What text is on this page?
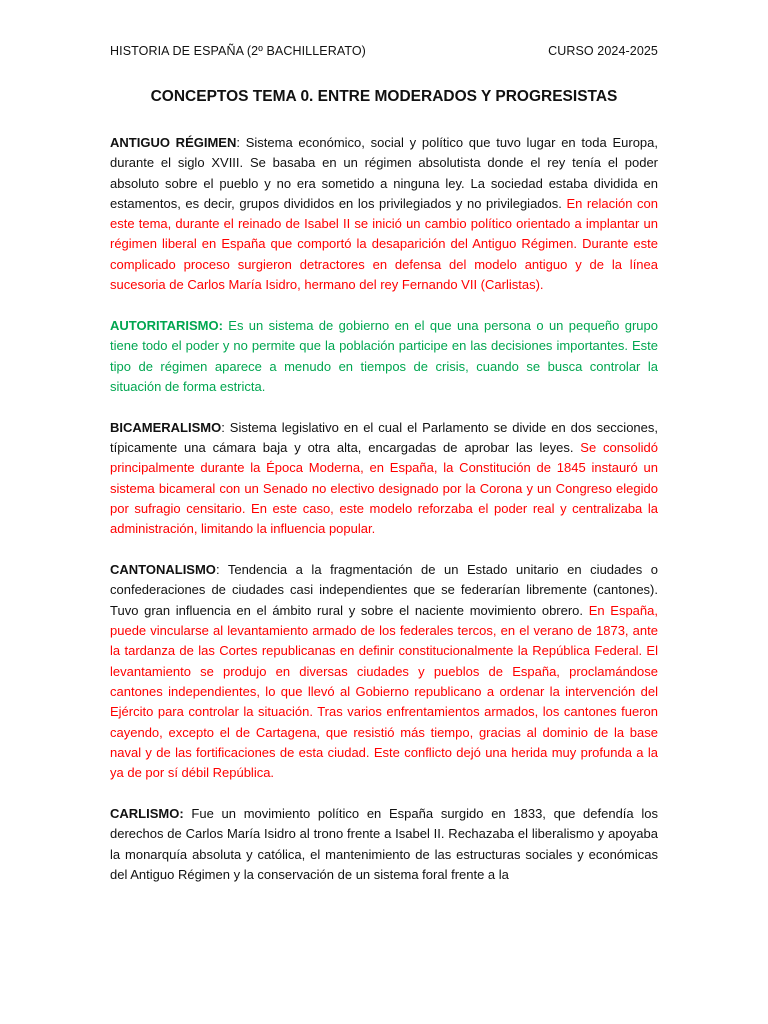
HISTORIA DE ESPAÑA (2º BACHILLERATO)	CURSO 2024-2025
CONCEPTOS TEMA 0. ENTRE MODERADOS Y PROGRESISTAS

ANTIGUO RÉGIMEN: Sistema económico, social y político que tuvo lugar en toda Europa, durante el siglo XVIII. Se basaba en un régimen absolutista donde el rey tenía el poder absoluto sobre el pueblo y no era sometido a ninguna ley. La sociedad estaba dividida en estamentos, es decir, grupos divididos en los privilegiados y no privilegiados. En relación con este tema, durante el reinado de Isabel II se inició un cambio político orientado a implantar un régimen liberal en España que comportó la desaparición del Antiguo Régimen. Durante este complicado proceso surgieron detractores en defensa del modelo antiguo y de la línea sucesoria de Carlos María Isidro, hermano del rey Fernando VII (Carlistas).

AUTORITARISMO: Es un sistema de gobierno en el que una persona o un pequeño grupo tiene todo el poder y no permite que la población participe en las decisiones importantes. Este tipo de régimen aparece a menudo en tiempos de crisis, cuando se busca controlar la situación de forma estricta.

BICAMERALISMO: Sistema legislativo en el cual el Parlamento se divide en dos secciones, típicamente una cámara baja y otra alta, encargadas de aprobar las leyes. Se consolidó principalmente durante la Época Moderna, en España, la Constitución de 1845 instauró un sistema bicameral con un Senado no electivo designado por la Corona y un Congreso elegido por sufragio censitario. En este caso, este modelo reforzaba el poder real y centralizaba la administración, limitando la influencia popular.

CANTONALISMO: Tendencia a la fragmentación de un Estado unitario en ciudades o confederaciones de ciudades casi independientes que se federarían libremente (cantones). Tuvo gran influencia en el ámbito rural y sobre el naciente movimiento obrero. En España, puede vincularse al levantamiento armado de los federales tercos, en el verano de 1873, ante la tardanza de las Cortes republicanas en definir constitucionalmente la República Federal. El levantamiento se produjo en diversas ciudades y pueblos de España, proclamándose cantones independientes, lo que llevó al Gobierno republicano a ordenar la intervención del Ejército para controlar la situación. Tras varios enfrentamientos armados, los cantones fueron cayendo, excepto el de Cartagena, que resistió más tiempo, gracias al dominio de la base naval y de las fortificaciones de esta ciudad. Este conflicto dejó una herida muy profunda a la ya de por sí débil República.

CARLISMO: Fue un movimiento político en España surgido en 1833, que defendía los derechos de Carlos María Isidro al trono frente a Isabel II. Rechazaba el liberalismo y apoyaba la monarquía absoluta y católica, el mantenimiento de las estructuras sociales y económicas del Antiguo Régimen y la conservación de un sistema foral frente a la
